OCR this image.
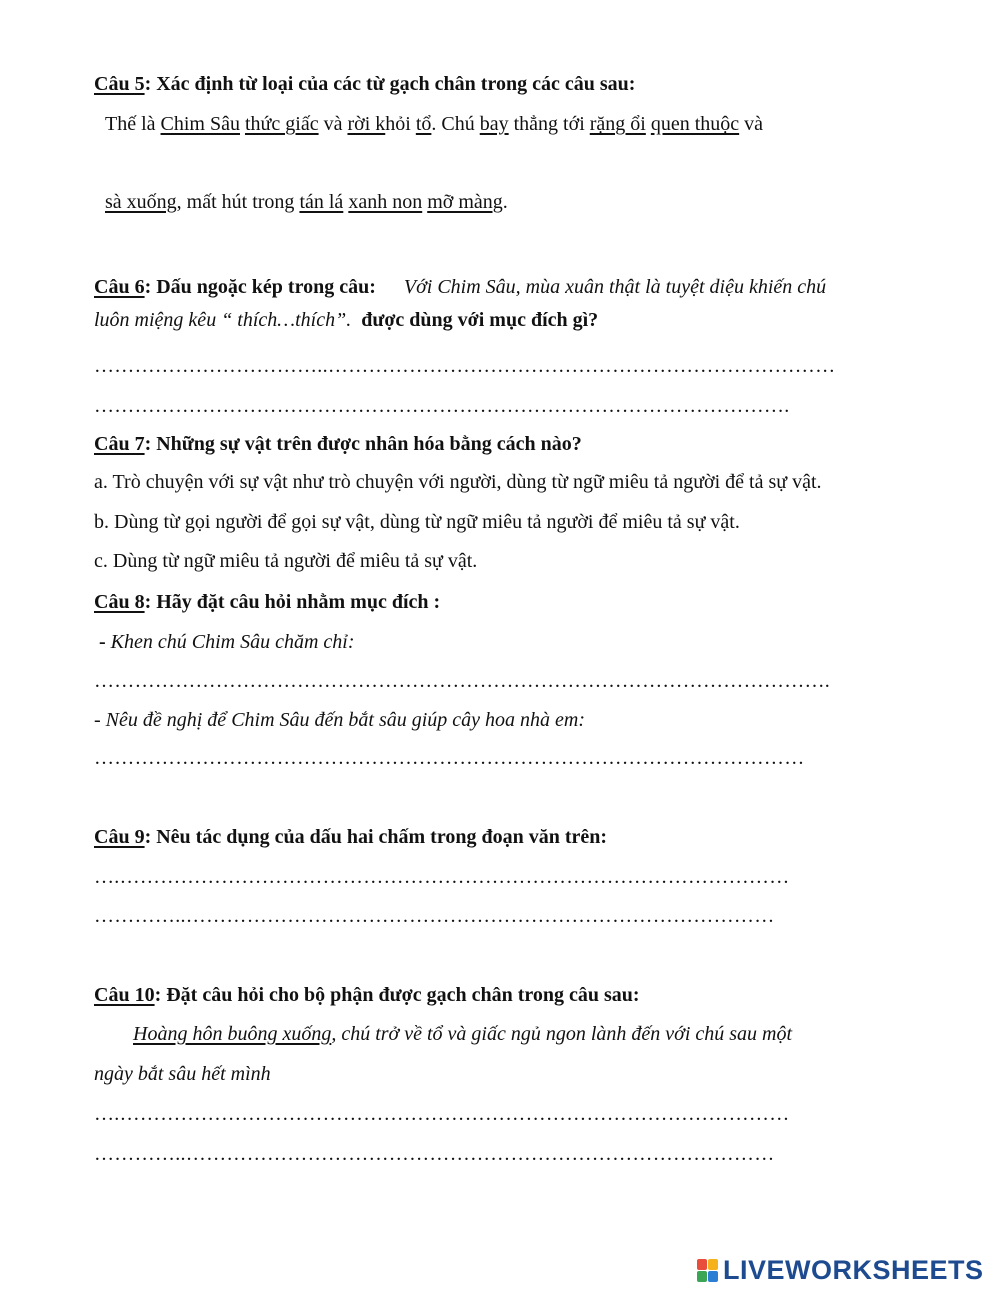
Câu 5: Xác định từ loại của các từ gạch chân trong các câu sau:
Thế là Chim Sâu thức giấc và rời khỏi tổ. Chú bay thẳng tới rặng ổi quen thuộc và
sà xuống, mất hút trong tán lá xanh non mỡ màng.
Câu 6: Dấu ngoặc kép trong câu: Với Chim Sâu, mùa xuân thật là tuyệt diệu khiến chú
luôn miệng kêu “ thích…thích”. được dùng với mục đích gì?
……………………………..…………………………………………………………………
………………………………………………………………………………………….
Câu 7: Những sự vật trên được nhân hóa bằng cách nào?
a. Trò chuyện với sự vật như trò chuyện với người, dùng từ ngữ miêu tả người để tả sự vật.
b. Dùng từ gọi người để gọi sự vật, dùng từ ngữ miêu tả người để miêu tả sự vật.
c. Dùng từ ngữ miêu tả người để miêu tả sự vật.
Câu 8: Hãy đặt câu hỏi nhằm mục đích :
- Khen chú Chim Sâu chăm chỉ:
……………………………………………………………………………………………….
- Nêu đề nghị để Chim Sâu đến bắt sâu giúp cây hoa nhà em:
……………………………………………………………………………………………
Câu 9: Nêu tác dụng của dấu hai chấm trong đoạn văn trên:
….………………………………………………………………………………………
…………..……………………………………………………………………………
Câu 10: Đặt câu hỏi cho bộ phận được gạch chân trong câu sau:
Hoàng hôn buông xuống, chú trở về tổ và giấc ngủ ngon lành đến với chú sau một
ngày bắt sâu hết mình
….………………………………………………………………………………………
…………..……………………………………………………………………………
LIVEWORKSHEETS
